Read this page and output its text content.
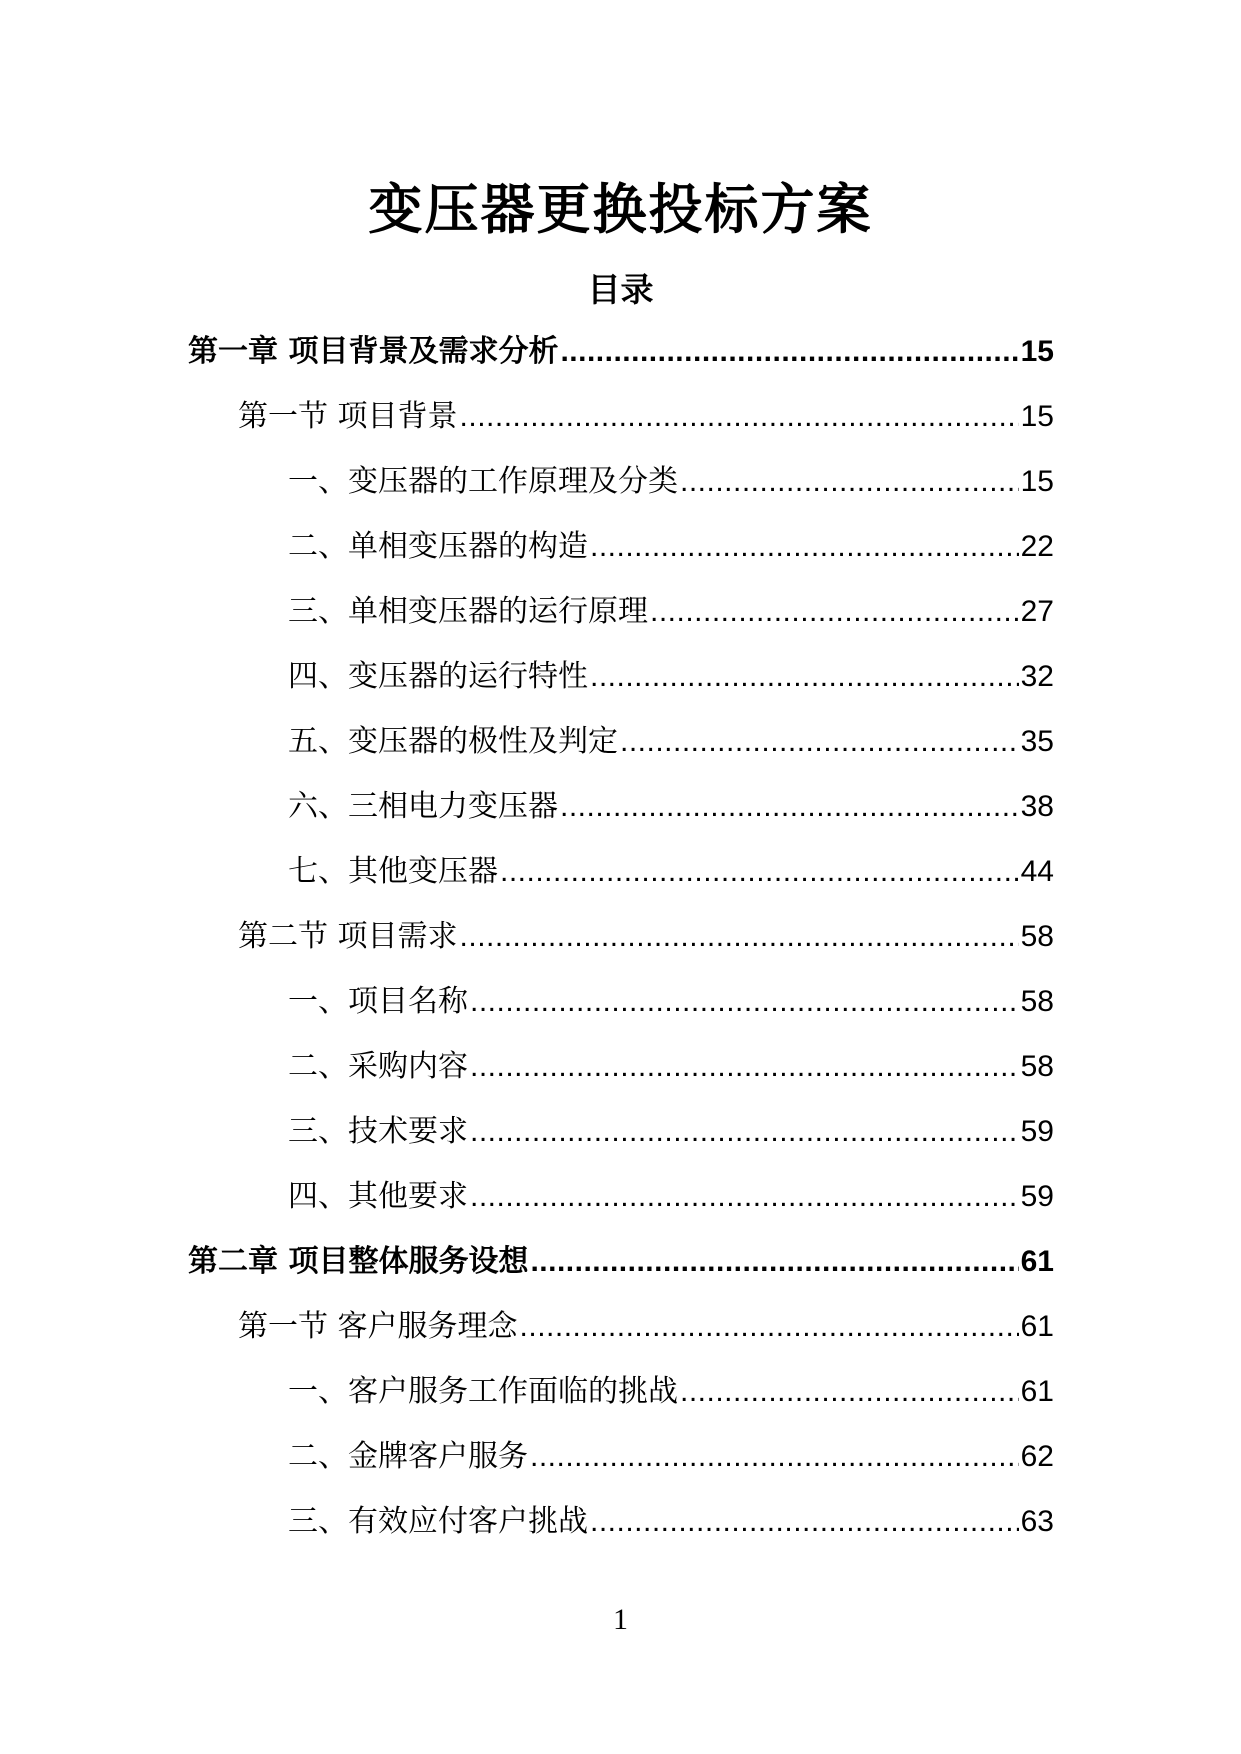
变压器更换投标方案
目录
第一章 项目背景及需求分析 .....	15
第一节 项目背景 .....	15
一、变压器的工作原理及分类 .....	15
二、单相变压器的构造 .....	22
三、单相变压器的运行原理 .....	27
四、变压器的运行特性 .....	32
五、变压器的极性及判定 .....	35
六、三相电力变压器 .....	38
七、其他变压器 .....	44
第二节 项目需求 .....	58
一、项目名称 .....	58
二、采购内容 .....	58
三、技术要求 .....	59
四、其他要求 .....	59
第二章 项目整体服务设想 .....	61
第一节 客户服务理念 .....	61
一、客户服务工作面临的挑战 .....	61
二、金牌客户服务 .....	62
三、有效应付客户挑战 .....	63
1
